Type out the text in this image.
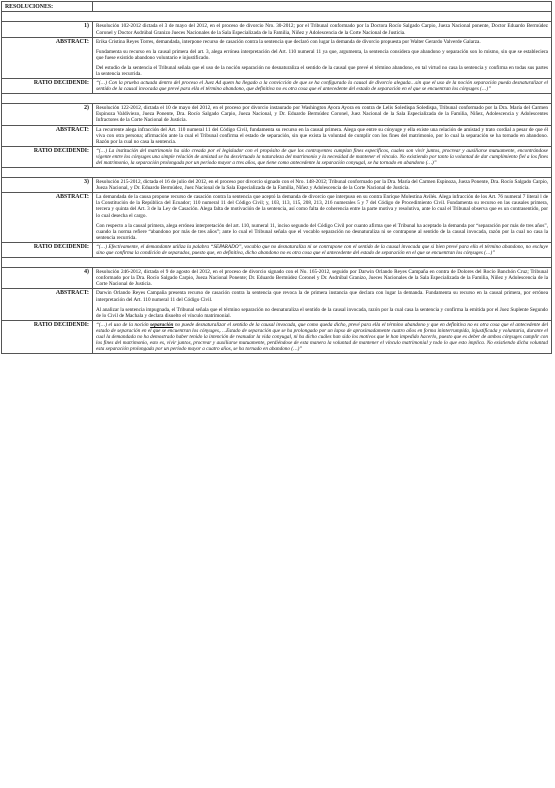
RESOLUCIONES:	

1)	Resolución 102-2012 dictada el 3 de mayo del 2012, en el proceso de divorcio Nro. 30-2012; por el Tribunal conformado por la Doctora Rocío Salgado Carpio, Jueza Nacional ponente, Doctor Eduardo Bermúdez Coronel y Doctor Asdrúbal Granizo Jueces Nacionales de la Sala Especializada de la Familia, Niñez y Adolescencia de la Corte Nacional de Justicia.

ABSTRACT:	Erika Cristina Reyes Torres, demandada, interpone recurso de casación contra la sentencia que declaró con lugar la demanda de divorcio propuesta por Walter Gerardo Valverde Galarza.

Fundamenta su recurso en la causal primera del art. 3, alega errónea interpretación del Art. 110 numeral 11 ya que, argumenta, la sentencia considera que abandono y separación son lo mismo, sin que se estableciera que fuese existido abandono voluntario e injustificado.

Del estudio de la sentencia el Tribunal señala que el uso de la noción separación no desnaturaliza el sentido de la causal que prevé el término abandono, en tal virtud no casa la sentencia y confirma en todas sus partes la sentencia recurrida.

RATIO DECIDENDI:	“(…) Con la prueba actuada dentro del proceso el Juez Ad quem ha llegado a la convicción de que se ha configurado la causal de divorcio alegada…sin que el uso de la noción separación pueda desnaturalizar el sentido de la causal invocada que prevé para ella el término abandono, que definitiva no es otra cosa que el antecedente del estado de separación en el que se encuentran los cónyuges (…)”

2)	Resolución 122-2012, dictada el 10 de mayo del 2012, en el proceso por divorcio instaurado por Washington Ayora Ayora en contra de Lelis Soledispa Soledispa, Tribunal conformado por la Dra. María del Carmen Espinoza Valdiviezo, Jueza Ponente, Dra. Rocío Salgado Carpio, Jueza Nacional, y Dr. Eduardo Bermúdez Coronel, Juez Nacional de la Sala Especializada de la Familia, Niñez, Adolescencia y Adolescentes Infractores de la Corte Nacional de Justicia.

ABSTRACT:	La recurrente alega infracción del Art. 110 numeral 11 del Código Civil, fundamenta su recurso en la causal primera. Alega que entre su cónyuge y ella existe una relación de amistad y trato cordial a pesar de que él viva con otra persona; afirmación ante la cual el Tribunal confirma el estado de separación, sin que exista la voluntad de cumplir con los fines del matrimonio, por lo cual la separación se ha tornado en abandono. Razón por la cual no casa la sentencia.

RATIO DECIDENDI:	“(…) La institución del matrimonio ha sido creada por el legislador con el propósito de que los contrayentes cumplan fines específicos, cuales son vivir juntos, procrear y auxiliarse mutuamente, encontrándose vigente entre los cónyuges una simple relación de amistad se ha desvirtuado la naturaleza del matrimonio y la necesidad de mantener el vínculo. No existiendo por tanto la voluntad de dar cumplimiento fiel a los fines del matrimonio, la separación prolongada por un periodo mayor a tres años, que tiene como antecedente la separación conyugal, se ha tornado en abandono (…)”

3)	Resolución 215-2012, dictada el 16 de julio del 2012, en el proceso por divorcio signado con el Nro. 148-2012; Tribunal conformado por la Dra. María del Carmen Espinoza, Jueza Ponente, Dra. Rocío Salgado Carpio, Jueza Nacional, y Dr. Eduardo Bermúdez, Juez Nacional de la Sala Especializada de la Familia, Niñez y Adolescencia de la Corte Nacional de Justicia.

ABSTRACT:	La demandada de la causa propone recurso de casación contra la sentencia que aceptó la demanda de divorcio que interpuso en su contra Enrique Molestina Avilés. Alega infracción de los Art. 76 numeral 7 literal l de la Constitución de la República del Ecuador; 110 numeral 11 del Código Civil; y, 103, 113, 115, 208, 213, 216 numerales 5 y 7 del Código de Procedimiento Civil. Fundamenta su recurso en las causales primera, tercera y quinta del Art. 3 de la Ley de Casación. Alega falta de motivación de la sentencia, así como falta de coherencia entre la parte motiva y resolutiva, ante lo cual el Tribunal observa que es un contrasentido, por lo cual desecha el cargo.

Con respecto a la causal primera, alega errónea interpretación del art. 110, numeral 11, inciso segundo del Código Civil por cuanto afirma que el Tribunal ha aceptado la demanda por “separación por más de tres años”, cuando la norma refiere “abandono por más de tres años”; ante lo cual el Tribunal señala que el vocablo separación no desnaturaliza ni se contrapone al sentido de la causal invocada, razón por la cual no casa la sentencia recurrida.

RATIO DECIDENDI:	“(…) Efectivamente, el demandante utiliza la palabra “SEPARADO”, vocablo que no desnaturaliza ni se contrapone con el sentido de la causal invocada que si bien prevé para ella el término abandono, no excluye sino que confirma la condición de separados, puesto que, en definitiva, dicho abandono no es otra cosa que el antecedente del estado de separación en el que se encuentran los cónyuges (…)”

4)	Resolución 246-2012, dictada el 9 de agosto del 2012, en el proceso de divorcio signado con el No. 165-2012, seguido por Darwin Orlando Reyes Campaña en contra de Dolores del Rocío Banchón Cruz; Tribunal conformado por la Dra. Rocío Salgado Carpio, Jueza Nacional Ponente; Dr. Eduardo Bermúdez Coronel y Dr. Asdrúbal Granizo, Jueces Nacionales de la Sala Especializada de la Familia, Niñez y Adolescencia de la Corte Nacional de Justicia.

ABSTRACT:	Darwin Orlando Reyes Campaña presenta recurso de casación contra la sentencia que revoca la de primera instancia que declara con lugar la demanda. Fundamenta su recurso en la causal primera, por errónea interpretación del Art. 110 numeral 11 del Código Civil.

Al analizar la sentencia impugnada, el Tribunal señala que el término separación no desnaturaliza el sentido de la causal invocada, razón por la cual casa la sentencia y confirma la emitida por el Juez Suplente Segundo de lo Civil de Machala y declara disuelto el vínculo matrimonial.

RATIO DECIDENDI:	“(…) el uso de la noción separación no puede desnaturalizar el sentido de la causal invocada, que como queda dicho, prevé para ella el término abandono y que en definitiva no es otra cosa que el antecedente del estado de separación en el que se encuentran los cónyuges,….Estado de separación que se ha prolongado por un lapso de aproximadamente cuatro años en forma ininterrumpida, injustificada y voluntaria, durante el cual la demandada no ha demostrado haber tenido la intención de reanudar la vida conyugal, ni ha dicho cuáles han sido los motivos que le han impedido hacerlo, puesto que es deber de ambos cónyuges cumplir con los fines del matrimonio, esto es, vivir juntos, procrear y auxiliarse mutuamente, perdiéndose de esta manera la voluntad de mantener el vínculo matrimonial y todo lo que esto implica. No existiendo dicha voluntad esta separación prolongada por un periodo mayor a cuatro años, se ha tornado en abandono (…)”
